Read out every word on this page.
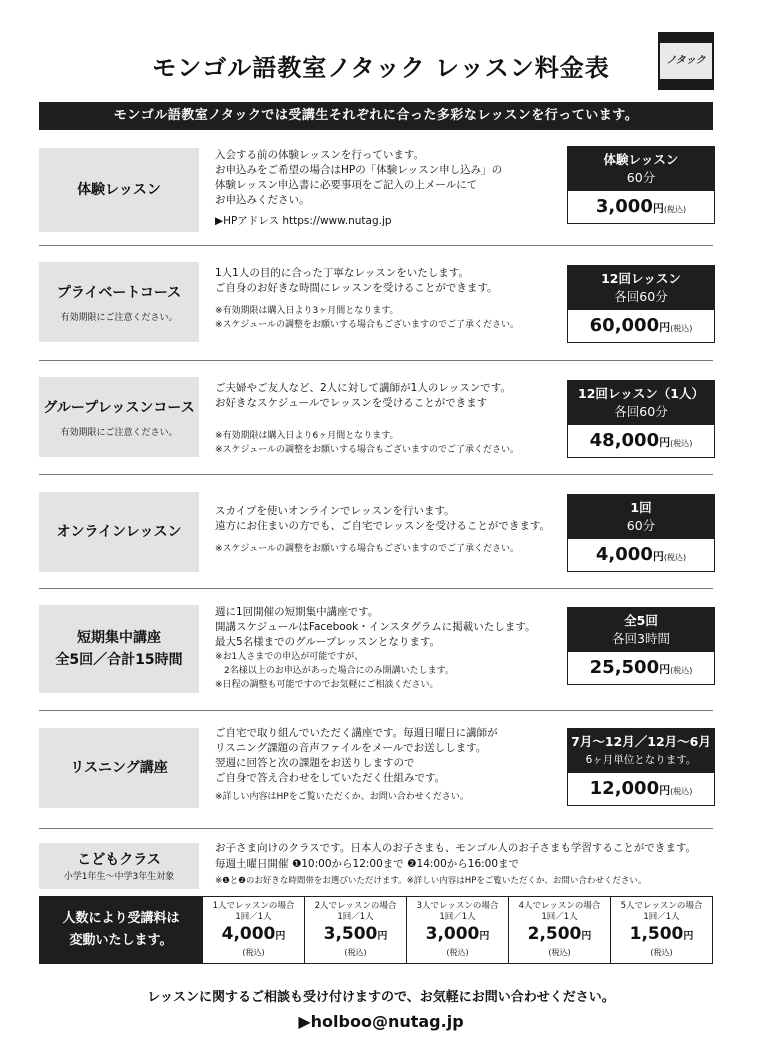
モンゴル語教室ノタック レッスン料金表	ノタック
モンゴル語教室ノタックでは受講生それぞれに合った多彩なレッスンを行っています。
体験レッスン
入会する前の体験レッスンを行っています。
お申込みをご希望の場合はHPの「体験レッスン申し込み」の
体験レッスン申込書に必要事項をご記入の上メールにて
お申込みください。
▶HPアドレス https://www.nutag.jp
体験レッスン
60分
3,000円(税込)
プライベートコース
有効期限にご注意ください。
1人1人の目的に合った丁寧なレッスンをいたします。
ご自身のお好きな時間にレッスンを受けることができます。
※有効期限は購入日より3ヶ月間となります。
※スケジュールの調整をお願いする場合もございますのでご了承ください。
12回レッスン
各回60分
60,000円(税込)
グループレッスンコース
有効期限にご注意ください。
ご夫婦やご友人など、2人に対して講師が1人のレッスンです。
お好きなスケジュールでレッスンを受けることができます
※有効期限は購入日より6ヶ月間となります。
※スケジュールの調整をお願いする場合もございますのでご了承ください。
12回レッスン（1人）
各回60分
48,000円(税込)
オンラインレッスン
スカイプを使いオンラインでレッスンを行います。
遠方にお住まいの方でも、ご自宅でレッスンを受けることができます。
※スケジュールの調整をお願いする場合もございますのでご了承ください。
1回
60分
4,000円(税込)
短期集中講座
全5回／合計15時間
週に1回開催の短期集中講座です。
開講スケジュールはFacebook・インスタグラムに掲載いたします。
最大5名様までのグループレッスンとなります。
※お1人さまでの申込が可能ですが、
　2名様以上のお申込があった場合にのみ開講いたします。
※日程の調整も可能ですのでお気軽にご相談ください。
全5回
各回3時間
25,500円(税込)
リスニング講座
ご自宅で取り組んでいただく講座です。毎週日曜日に講師が
リスニング課題の音声ファイルをメールでお送しします。
翌週に回答と次の課題をお送りしますので
ご自身で答え合わせをしていただく仕組みです。
※詳しい内容はHPをご覧いただくか、お問い合わせください。
7月～12月／12月～6月
6ヶ月単位となります。
12,000円(税込)
こどもクラス
小学1年生～中学3年生対象
お子さま向けのクラスです。日本人のお子さまも、モンゴル人のお子さまも学習することができます。
毎週土曜日開催 ❶10:00から12:00まで ❷14:00から16:00まで
※❶と❷のお好きな時間帯をお選びいただけます。※詳しい内容はHPをご覧いただくか、お問い合わせください。
人数により受講料は
変動いたします。
1人でレッスンの場合
1回／1人
4,000円
(税込)
2人でレッスンの場合
1回／1人
3,500円
(税込)
3人でレッスンの場合
1回／1人
3,000円
(税込)
4人でレッスンの場合
1回／1人
2,500円
(税込)
5人でレッスンの場合
1回／1人
1,500円
(税込)
レッスンに関するご相談も受け付けますので、お気軽にお問い合わせください。
▶holboo@nutag.jp
